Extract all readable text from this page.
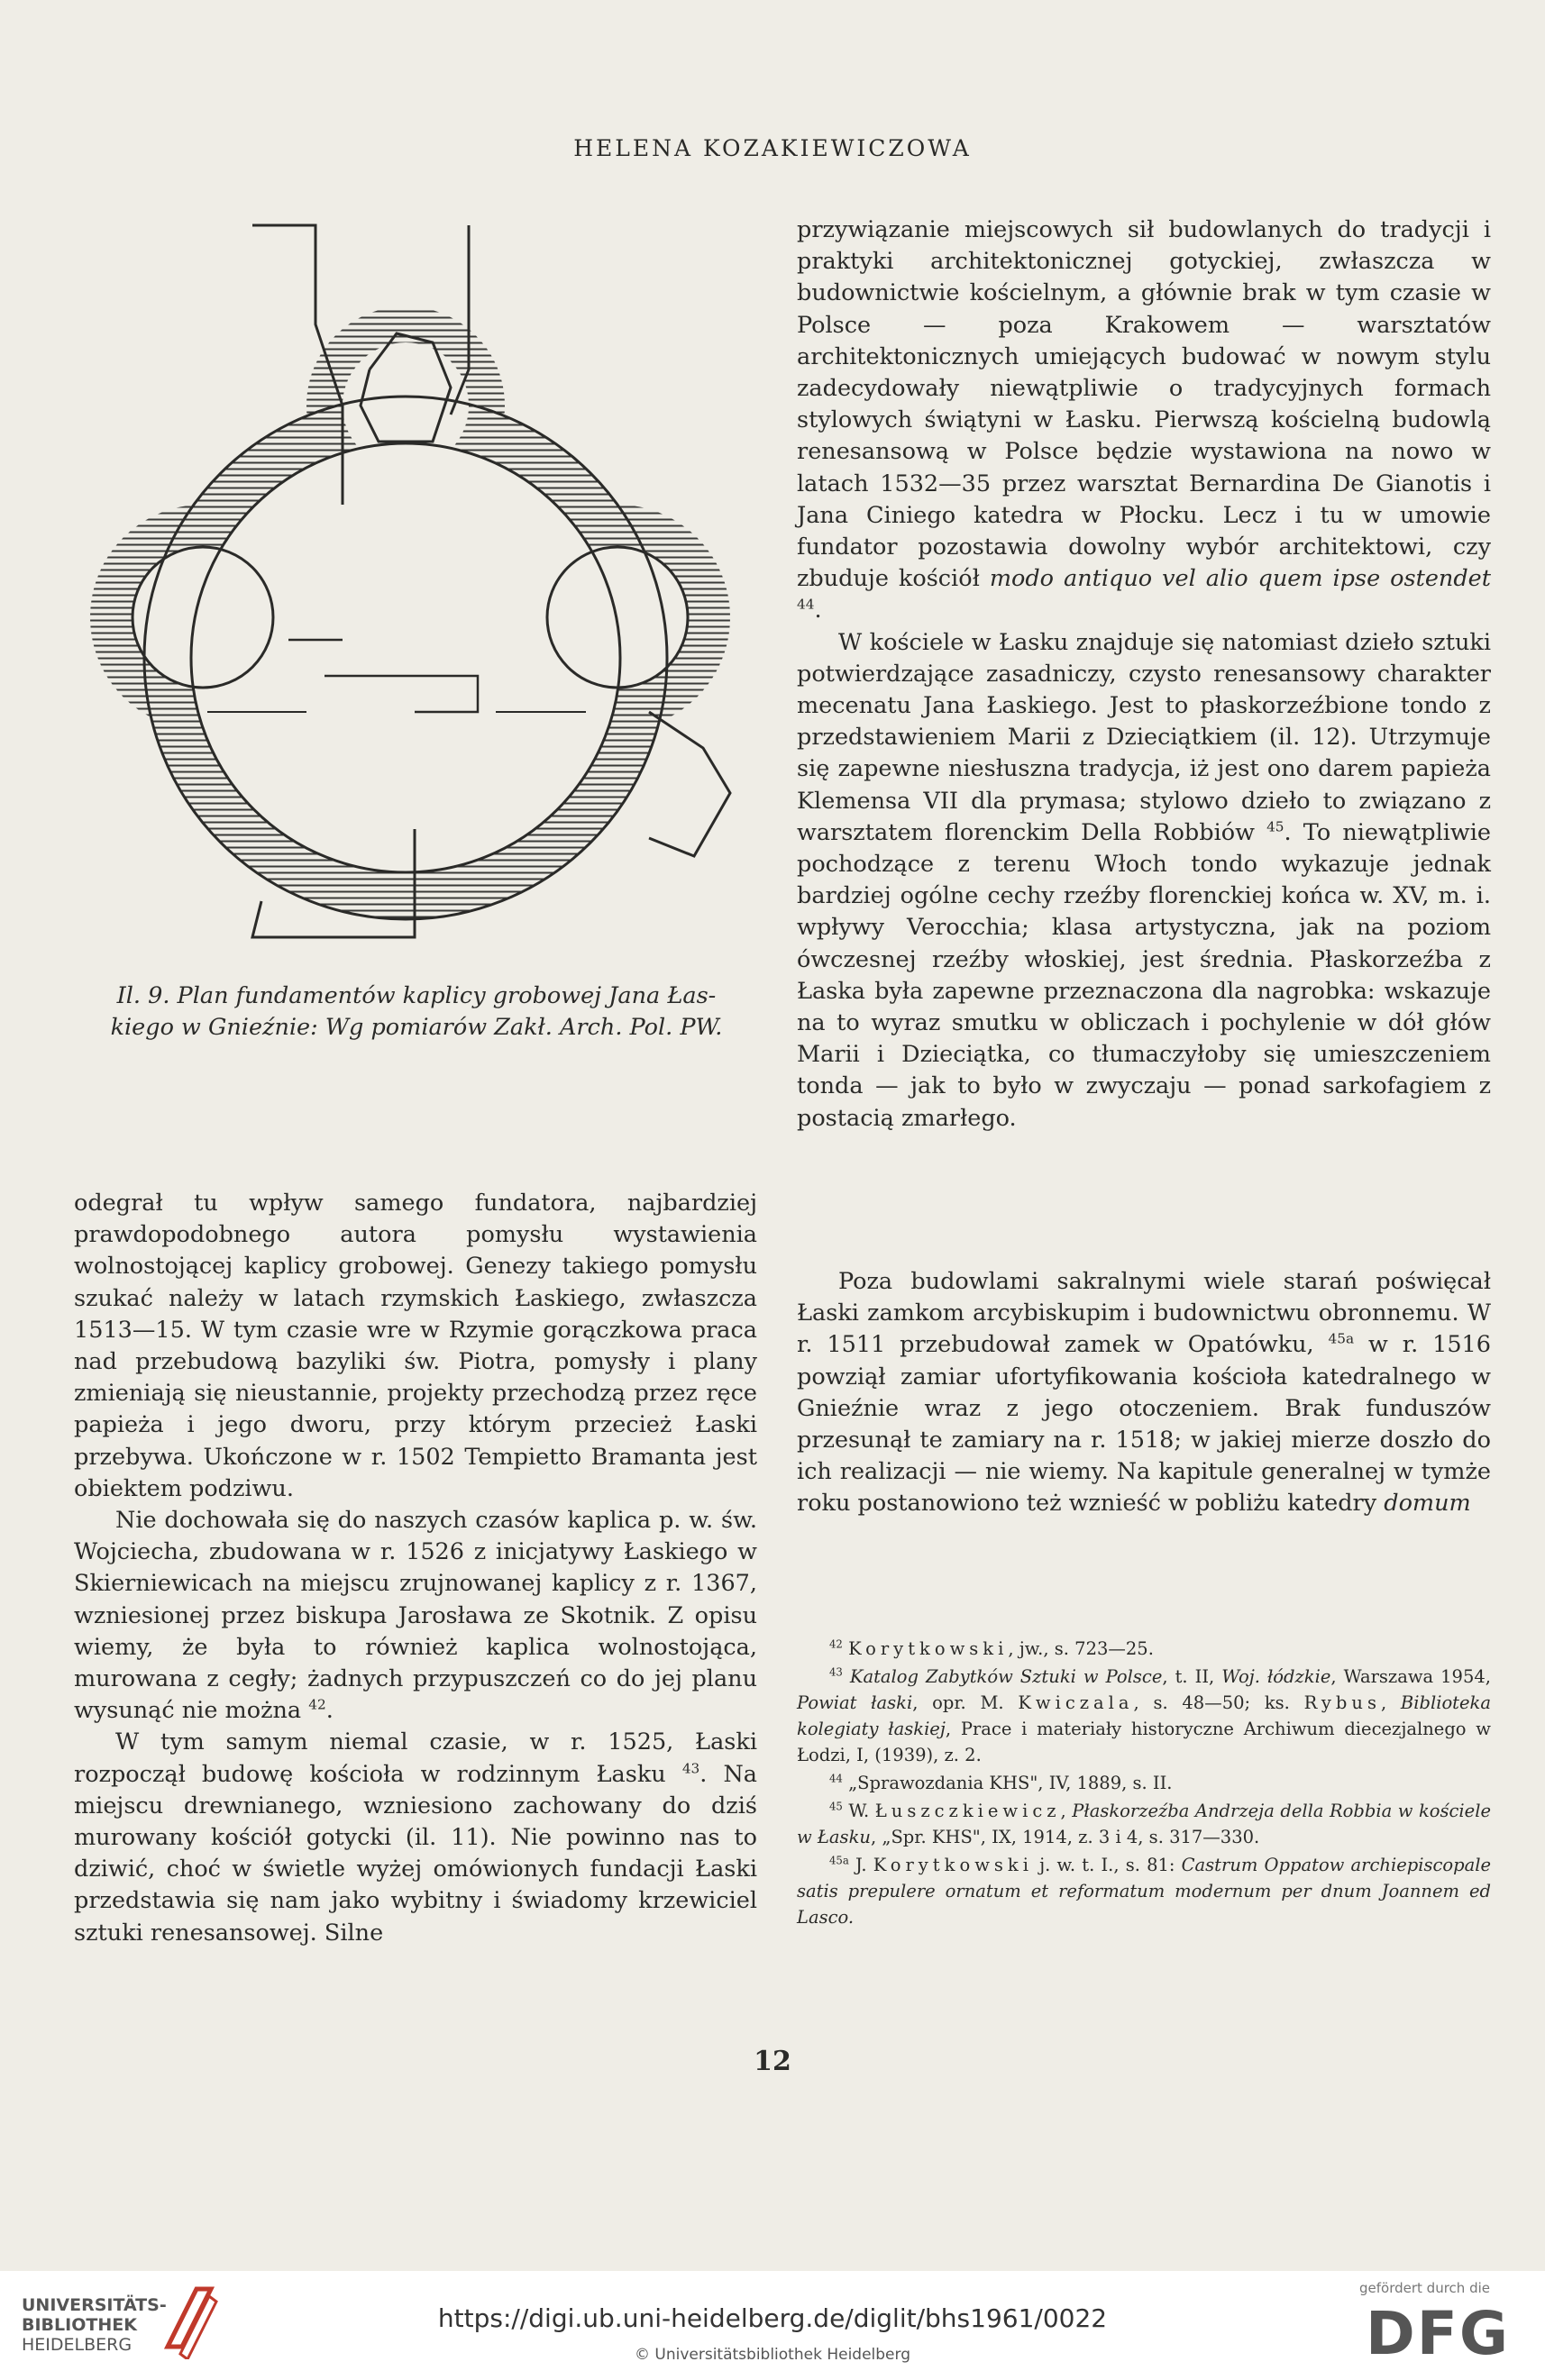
HELENA KOZAKIEWICZOWA
Il. 9. Plan fundamentów kaplicy grobowej Jana Łas-
kiego w Gnieźnie: Wg pomiarów Zakł. Arch. Pol. PW.

odegrał tu wpływ samego fundatora, najbardziej prawdopodobnego autora pomysłu wystawienia wolnostojącej kaplicy grobowej. Genezy takiego pomysłu szukać należy w latach rzymskich Łaskiego, zwłaszcza 1513—15. W tym czasie wre w Rzymie gorączkowa praca nad przebudową bazyliki św. Piotra, pomysły i plany zmieniają się nieustannie, projekty przechodzą przez ręce papieża i jego dworu, przy którym przecież Łaski przebywa. Ukończone w r. 1502 Tempietto Bramanta jest obiektem podziwu.

Nie dochowała się do naszych czasów kaplica p. w. św. Wojciecha, zbudowana w r. 1526 z inicjatywy Łaskiego w Skierniewicach na miejscu zrujnowanej kaplicy z r. 1367, wzniesionej przez biskupa Jarosława ze Skotnik. Z opisu wiemy, że była to również kaplica wolnostojąca, murowana z cegły; żadnych przypuszczeń co do jej planu wysunąć nie można $^{42}$.

W tym samym niemal czasie, w r. 1525, Łaski rozpoczął budowę kościoła w rodzinnym Łasku $^{43}$. Na miejscu drewnianego, wzniesiono zachowany do dziś murowany kościół gotycki (il. 11). Nie powinno nas to dziwić, choć w świetle wyżej omówionych fundacji Łaski przedstawia się nam jako wybitny i świadomy krzewiciel sztuki renesansowej. Silne

przywiązanie miejscowych sił budowlanych do tradycji i praktyki architektonicznej gotyckiej, zwłaszcza w budownictwie kościelnym, a głównie brak w tym czasie w Polsce — poza Krakowem — warsztatów architektonicznych umiejących budować w nowym stylu zadecydowały niewątpliwie o tradycyjnych formach stylowych świątyni w Łasku. Pierwszą kościelną budowlą renesansową w Polsce będzie wystawiona na nowo w latach 1532—35 przez warsztat Bernardina De Gianotis i Jana Ciniego katedra w Płocku. Lecz i tu w umowie fundator pozostawia dowolny wybór architektowi, czy zbuduje kościół modo antiquo vel alio quem ipse ostendet $^{44}$.

W kościele w Łasku znajduje się natomiast dzieło sztuki potwierdzające zasadniczy, czysto renesansowy charakter mecenatu Jana Łaskiego. Jest to płaskorzeźbione tondo z przedstawieniem Marii z Dzieciątkiem (il. 12). Utrzymuje się zapewne niesłuszna tradycja, iż jest ono darem papieża Klemensa VII dla prymasa; stylowo dzieło to związano z warsztatem florenckim Della Robbiów $^{45}$. To niewątpliwie pochodzące z terenu Włoch tondo wykazuje jednak bardziej ogólne cechy rzeźby florenckiej końca w. XV, m. i. wpływy Verocchia; klasa artystyczna, jak na poziom ówczesnej rzeźby włoskiej, jest średnia. Płaskorzeźba z Łaska była zapewne przeznaczona dla nagrobka: wskazuje na to wyraz smutku w obliczach i pochylenie w dół głów Marii i Dzieciątka, co tłumaczyłoby się umieszczeniem tonda — jak to było w zwyczaju — ponad sarkofagiem z postacią zmarłego.

Poza budowlami sakralnymi wiele starań poświęcał Łaski zamkom arcybiskupim i budownictwu obronnemu. W r. 1511 przebudował zamek w Opatówku, $^{45a}$ w r. 1516 powziął zamiar ufortyfikowania kościoła katedralnego w Gnieźnie wraz z jego otoczeniem. Brak funduszów przesunął te zamiary na r. 1518; w jakiej mierze doszło do ich realizacji — nie wiemy. Na kapitule generalnej w tymże roku postanowiono też wznieść w pobliżu katedry domum

$^{42}$ Korytkowski, jw., s. 723—25.

$^{43}$ Katalog Zabytków Sztuki w Polsce, t. II, Woj. łódzkie, Warszawa 1954, Powiat łaski, opr. M. Kwiczala, s. 48—50; ks. Rybus, Biblioteka kolegiaty łaskiej, Prace i materiały historyczne Archiwum diecezjalnego w Łodzi, I, (1939), z. 2.

$^{44}$ „Sprawozdania KHS", IV, 1889, s. II.

$^{45}$ W. Łuszczkiewicz, Płaskorzeźba Andrzeja della Robbia w kościele w Łasku, „Spr. KHS", IX, 1914, z. 3 i 4, s. 317—330.

$^{45a}$ J. Korytkowski j. w. t. I., s. 81: Castrum Oppatow archiepiscopale satis prepulere ornatum et reformatum modernum per dnum Joannem ed Lasco.

12
UNIVERSITÄTS-
BIBLIOTHEK
HEIDELBERG
https://digi.ub.uni-heidelberg.de/diglit/bhs1961/0022
© Universitätsbibliothek Heidelberg
gefördert durch die
DFG
